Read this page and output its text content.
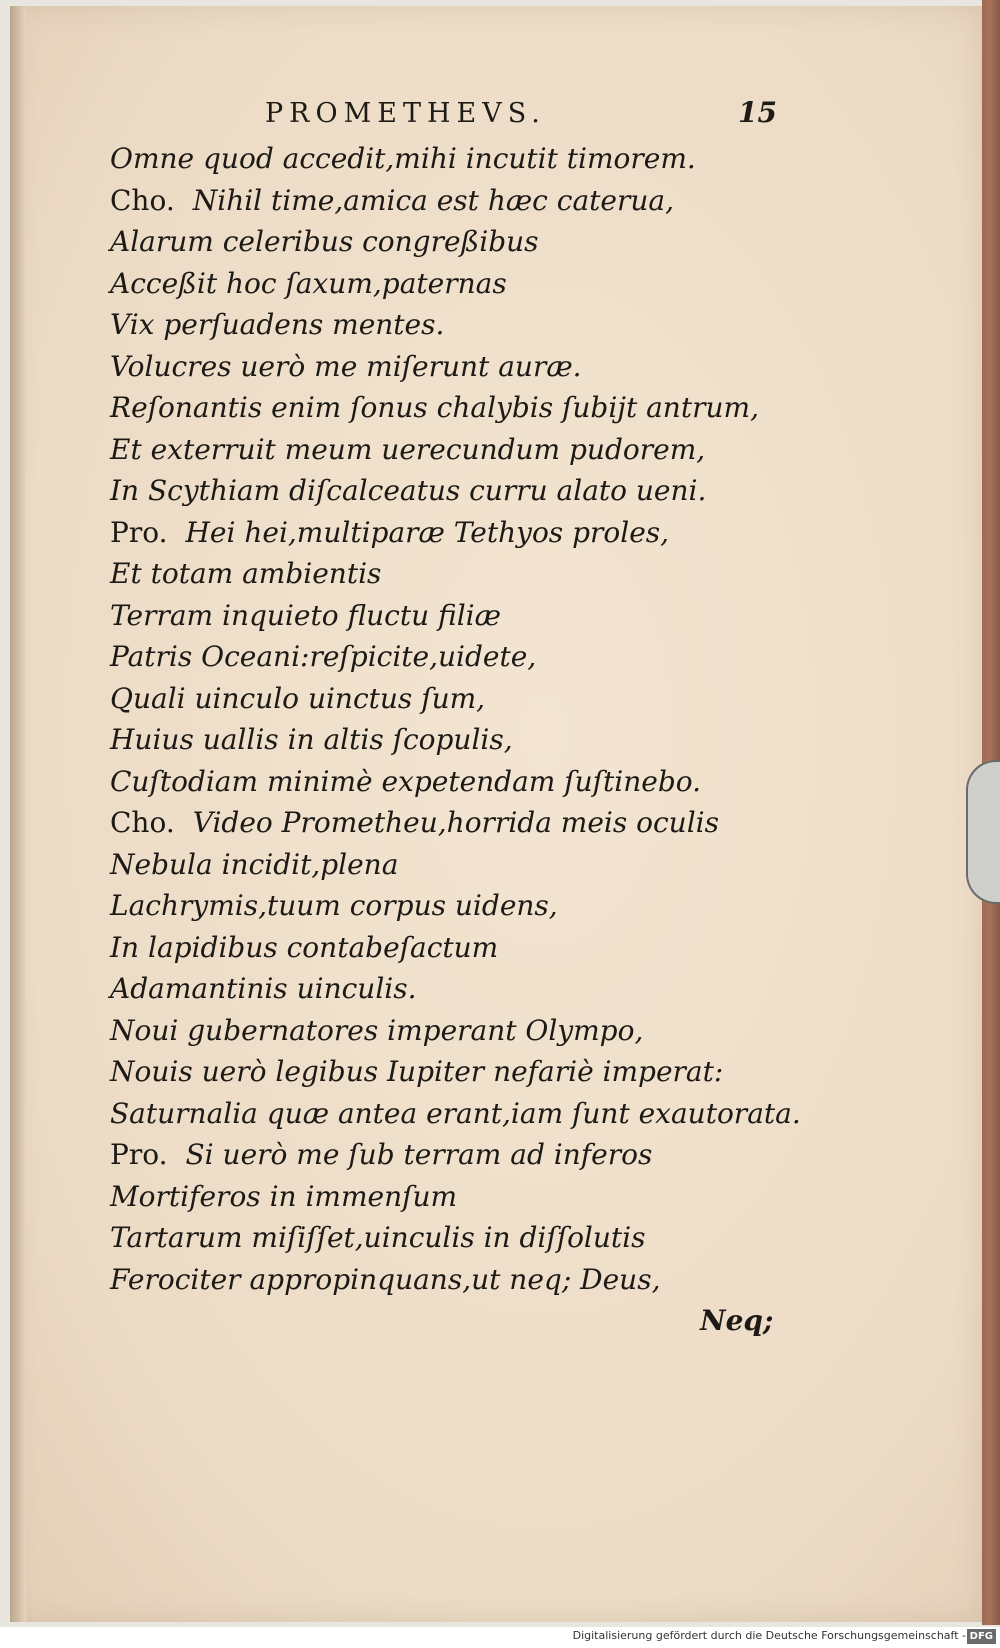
PROMETHEVS.	15
Omne quod accedit,mihi incutit timorem.
Cho. Nihil time,amica est hæc caterua,
Alarum celeribus congreßibus
Acceßit hoc ſaxum,paternas
Vix perſuadens mentes.
Volucres uerò me miſerunt auræ.
Reſonantis enim ſonus chalybis ſubijt antrum,
Et exterruit meum uerecundum pudorem,
In Scythiam diſcalceatus curru alato ueni.
Pro. Hei hei,multiparæ Tethyos proles,
Et totam ambientis
Terram inquieto fluctu filiæ
Patris Oceani:reſpicite,uidete,
Quali uinculo uinctus ſum,
Huius uallis in altis ſcopulis,
Cuſtodiam minimè expetendam ſuſtinebo.
Cho. Video Prometheu,horrida meis oculis
Nebula incidit,plena
Lachrymis,tuum corpus uidens,
In lapidibus contabeſactum
Adamantinis uinculis.
Noui gubernatores imperant Olympo,
Nouis uerò legibus Iupiter nefariè imperat:
Saturnalia quæ antea erant,iam ſunt exautorata.
Pro. Si uerò me ſub terram ad inferos
Mortiferos in immenſum
Tartarum miſiſſet,uinculis in diſſolutis
Ferociter appropinquans,ut neq; Deus,
Neq;
Digitalisierung gefördert durch die Deutsche Forschungsgemeinschaft - DFG
